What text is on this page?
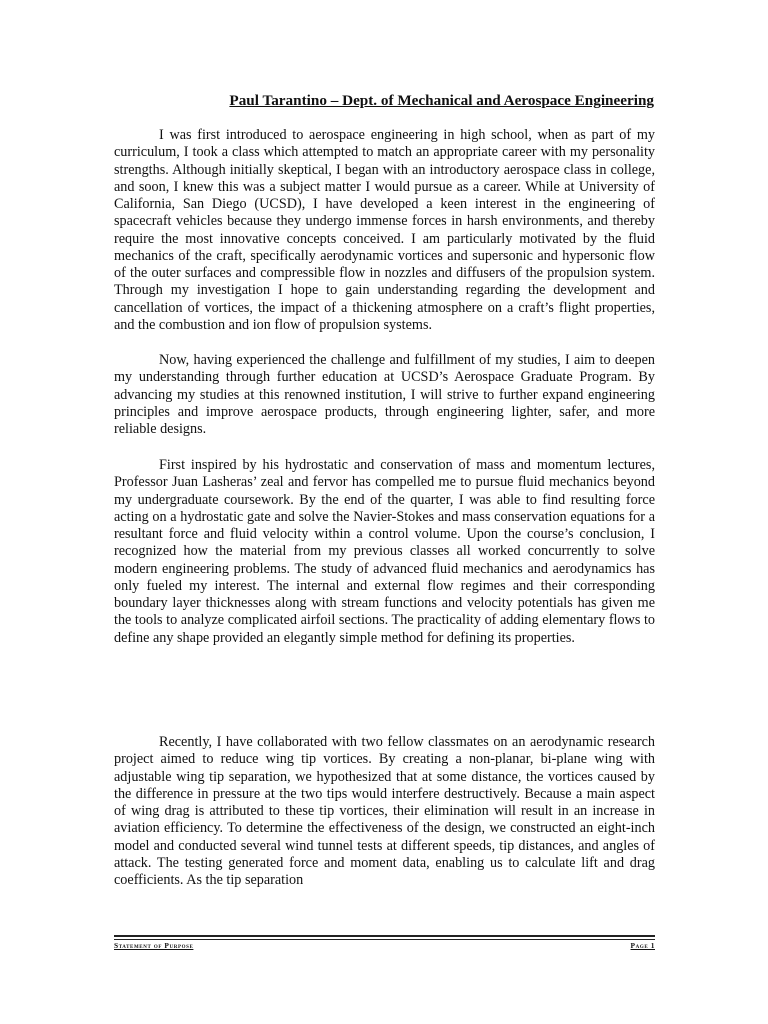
Paul Tarantino – Dept. of Mechanical and Aerospace Engineering

I was first introduced to aerospace engineering in high school, when as part of my curriculum, I took a class which attempted to match an appropriate career with my personality strengths. Although initially skeptical, I began with an introductory aerospace class in college, and soon, I knew this was a subject matter I would pursue as a career. While at University of California, San Diego (UCSD), I have developed a keen interest in the engineering of spacecraft vehicles because they undergo immense forces in harsh environments, and thereby require the most innovative concepts conceived. I am particularly motivated by the fluid mechanics of the craft, specifically aerodynamic vortices and supersonic and hypersonic flow of the outer surfaces and compressible flow in nozzles and diffusers of the propulsion system. Through my investigation I hope to gain understanding regarding the development and cancellation of vortices, the impact of a thickening atmosphere on a craft’s flight properties, and the combustion and ion flow of propulsion systems.

Now, having experienced the challenge and fulfillment of my studies, I aim to deepen my understanding through further education at UCSD’s Aerospace Graduate Program. By advancing my studies at this renowned institution, I will strive to further expand engineering principles and improve aerospace products, through engineering lighter, safer, and more reliable designs.

First inspired by his hydrostatic and conservation of mass and momentum lectures, Professor Juan Lasheras’ zeal and fervor has compelled me to pursue fluid mechanics beyond my undergraduate coursework. By the end of the quarter, I was able to find resulting force acting on a hydrostatic gate and solve the Navier-Stokes and mass conservation equations for a resultant force and fluid velocity within a control volume. Upon the course’s conclusion, I recognized how the material from my previous classes all worked concurrently to solve modern engineering problems. The study of advanced fluid mechanics and aerodynamics has only fueled my interest. The internal and external flow regimes and their corresponding boundary layer thicknesses along with stream functions and velocity potentials has given me the tools to analyze complicated airfoil sections. The practicality of adding elementary flows to define any shape provided an elegantly simple method for defining its properties.

Recently, I have collaborated with two fellow classmates on an aerodynamic research project aimed to reduce wing tip vortices. By creating a non-planar, bi-plane wing with adjustable wing tip separation, we hypothesized that at some distance, the vortices caused by the difference in pressure at the two tips would interfere destructively. Because a main aspect of wing drag is attributed to these tip vortices, their elimination will result in an increase in aviation efficiency. To determine the effectiveness of the design, we constructed an eight-inch model and conducted several wind tunnel tests at different speeds, tip distances, and angles of attack. The testing generated force and moment data, enabling us to calculate lift and drag coefficients. As the tip separation

Statement of Purpose	Page 1
